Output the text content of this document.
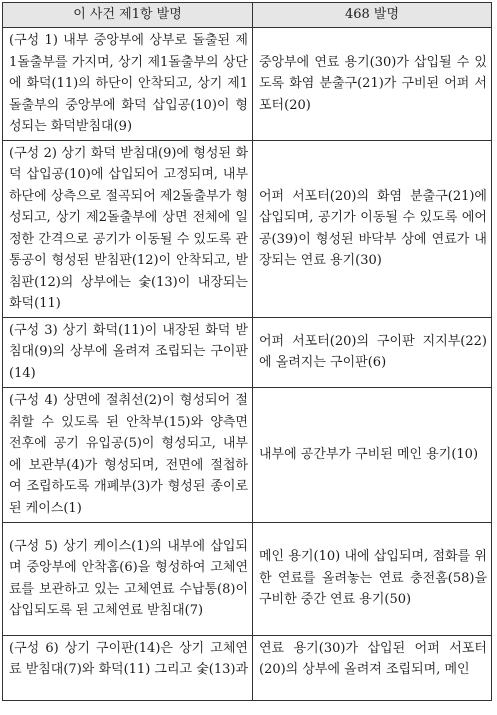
이 사건 제1항 발명	468 발명
(구성 1) 내부 중앙부에 상부로 돌출된 제1돌출부를 가지며, 상기 제1돌출부의 상단에 화덕(11)의 하단이 안착되고, 상기 제1돌출부의 중앙부에 화덕 삽입공(10)이 형성되는 화덕받침대(9)	중앙부에 연료 용기(30)가 삽입될 수 있도록 화염 분출구(21)가 구비된 어퍼 서포터(20)
(구성 2) 상기 화덕 받침대(9)에 형성된 화덕 삽입공(10)에 삽입되어 고정되며, 내부 하단에 상측으로 절곡되어 제2돌출부가 형성되고, 상기 제2돌출부에 상면 전체에 일정한 간격으로 공기가 이동될 수 있도록 관통공이 형성된 받침판(12)이 안착되고, 받침판(12)의 상부에는 숯(13)이 내장되는 화덕(11)	어퍼 서포터(20)의 화염 분출구(21)에 삽입되며, 공기가 이동될 수 있도록 에어공(39)이 형성된 바닥부 상에 연료가 내장되는 연료 용기(30)
(구성 3) 상기 화덕(11)이 내장된 화덕 받침대(9)의 상부에 올려져 조립되는 구이판(14)	어퍼 서포터(20)의 구이판 지지부(22)에 올려지는 구이판(6)
(구성 4) 상면에 절취선(2)이 형성되어 절취할 수 있도록 된 안착부(15)와 양측면 전후에 공기 유입공(5)이 형성되고, 내부에 보관부(4)가 형성되며, 전면에 절첩하여 조립하도록 개폐부(3)가 형성된 종이로 된 케이스(1)	내부에 공간부가 구비된 메인 용기(10)
(구성 5) 상기 케이스(1)의 내부에 삽입되며 중앙부에 안착홈(6)을 형성하여 고체연료를 보관하고 있는 고체연료 수납통(8)이 삽입되도록 된 고체연료 받침대(7)	메인 용기(10) 내에 삽입되며, 점화를 위한 연료를 올려놓는 연료 충전홈(58)을 구비한 중간 연료 용기(50)
(구성 6) 상기 구이판(14)은 상기 고체연료 받침대(7)와 화덕(11) 그리고 숯(13)과	연료 용기(30)가 삽입된 어퍼 서포터(20)의 상부에 올려져 조립되며, 메인
